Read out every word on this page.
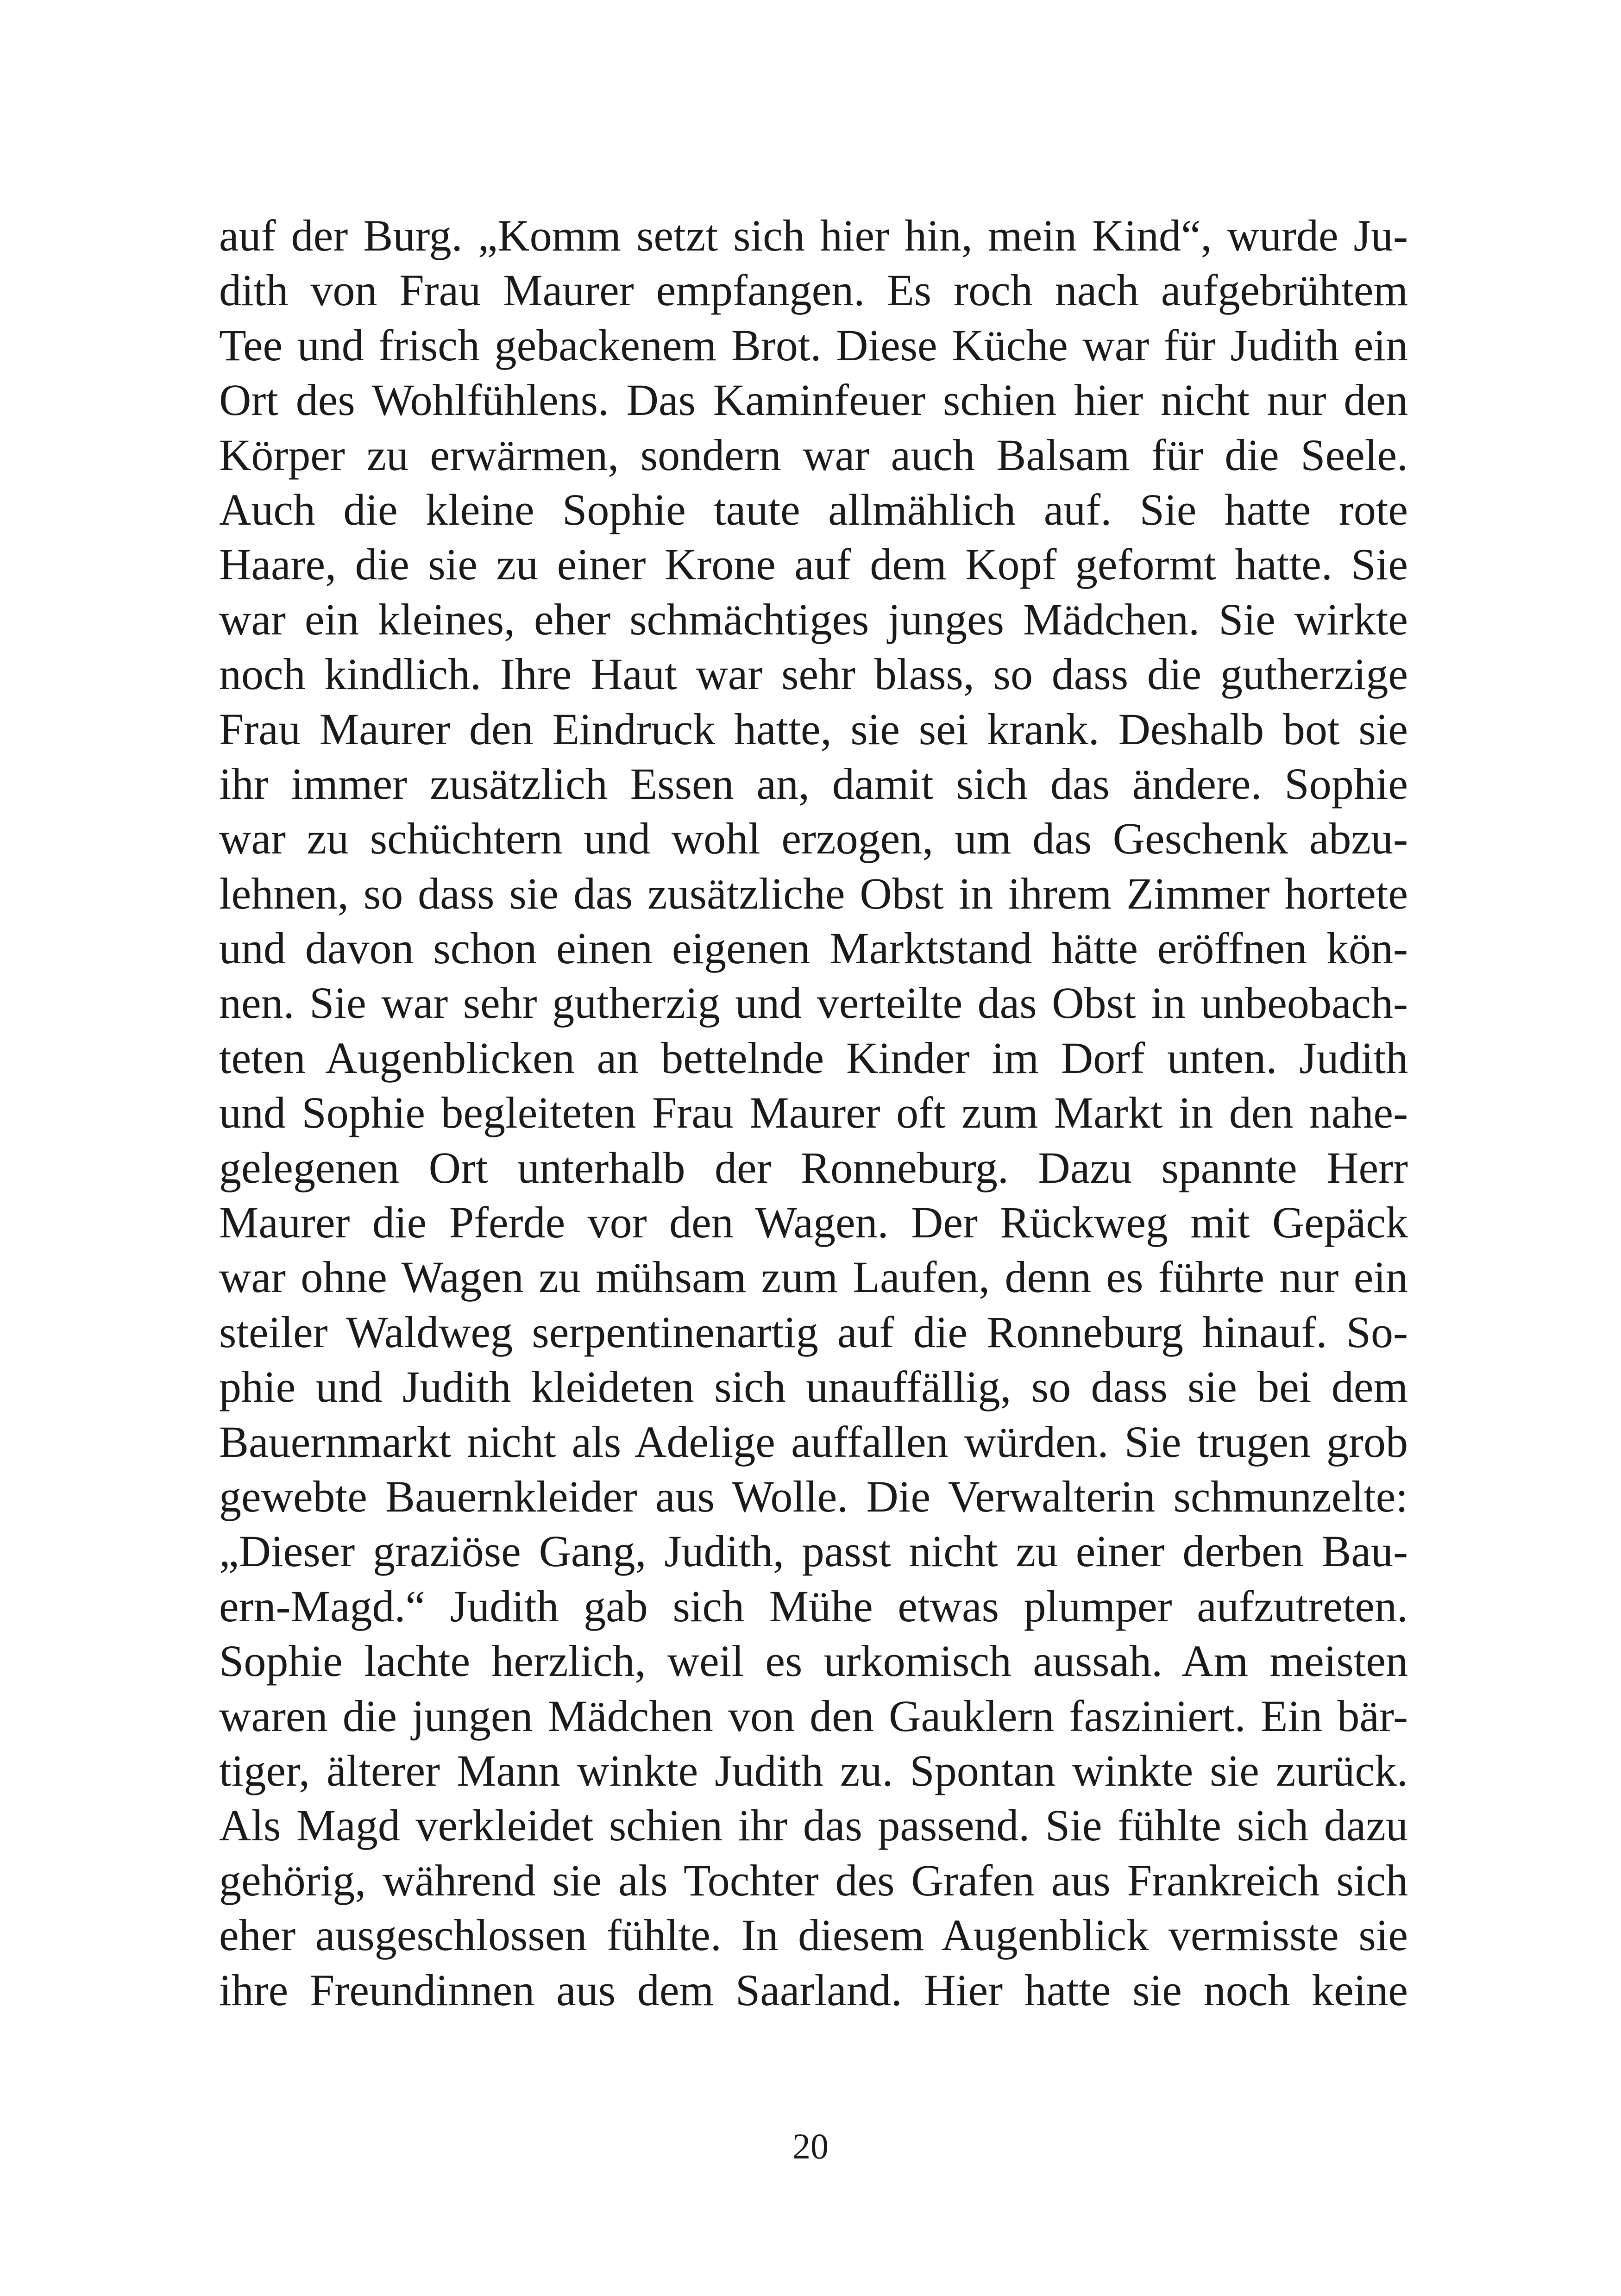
auf der Burg. „Komm setzt sich hier hin, mein Kind“, wurde Ju-
dith von Frau Maurer empfangen. Es roch nach aufgebrühtem
Tee und frisch gebackenem Brot. Diese Küche war für Judith ein
Ort des Wohlfühlens. Das Kaminfeuer schien hier nicht nur den
Körper zu erwärmen, sondern war auch Balsam für die Seele.
Auch die kleine Sophie taute allmählich auf. Sie hatte rote
Haare, die sie zu einer Krone auf dem Kopf geformt hatte. Sie
war ein kleines, eher schmächtiges junges Mädchen. Sie wirkte
noch kindlich. Ihre Haut war sehr blass, so dass die gutherzige
Frau Maurer den Eindruck hatte, sie sei krank. Deshalb bot sie
ihr immer zusätzlich Essen an, damit sich das ändere. Sophie
war zu schüchtern und wohl erzogen, um das Geschenk abzu-
lehnen, so dass sie das zusätzliche Obst in ihrem Zimmer hortete
und davon schon einen eigenen Marktstand hätte eröffnen kön-
nen. Sie war sehr gutherzig und verteilte das Obst in unbeobach-
teten Augenblicken an bettelnde Kinder im Dorf unten. Judith
und Sophie begleiteten Frau Maurer oft zum Markt in den nahe-
gelegenen Ort unterhalb der Ronneburg. Dazu spannte Herr
Maurer die Pferde vor den Wagen. Der Rückweg mit Gepäck
war ohne Wagen zu mühsam zum Laufen, denn es führte nur ein
steiler Waldweg serpentinenartig auf die Ronneburg hinauf. So-
phie und Judith kleideten sich unauffällig, so dass sie bei dem
Bauernmarkt nicht als Adelige auffallen würden. Sie trugen grob
gewebte Bauernkleider aus Wolle. Die Verwalterin schmunzelte:
„Dieser graziöse Gang, Judith, passt nicht zu einer derben Bau-
ern-Magd.“ Judith gab sich Mühe etwas plumper aufzutreten.
Sophie lachte herzlich, weil es urkomisch aussah. Am meisten
waren die jungen Mädchen von den Gauklern fasziniert. Ein bär-
tiger, älterer Mann winkte Judith zu. Spontan winkte sie zurück.
Als Magd verkleidet schien ihr das passend. Sie fühlte sich dazu
gehörig, während sie als Tochter des Grafen aus Frankreich sich
eher ausgeschlossen fühlte. In diesem Augenblick vermisste sie
ihre Freundinnen aus dem Saarland. Hier hatte sie noch keine
20
